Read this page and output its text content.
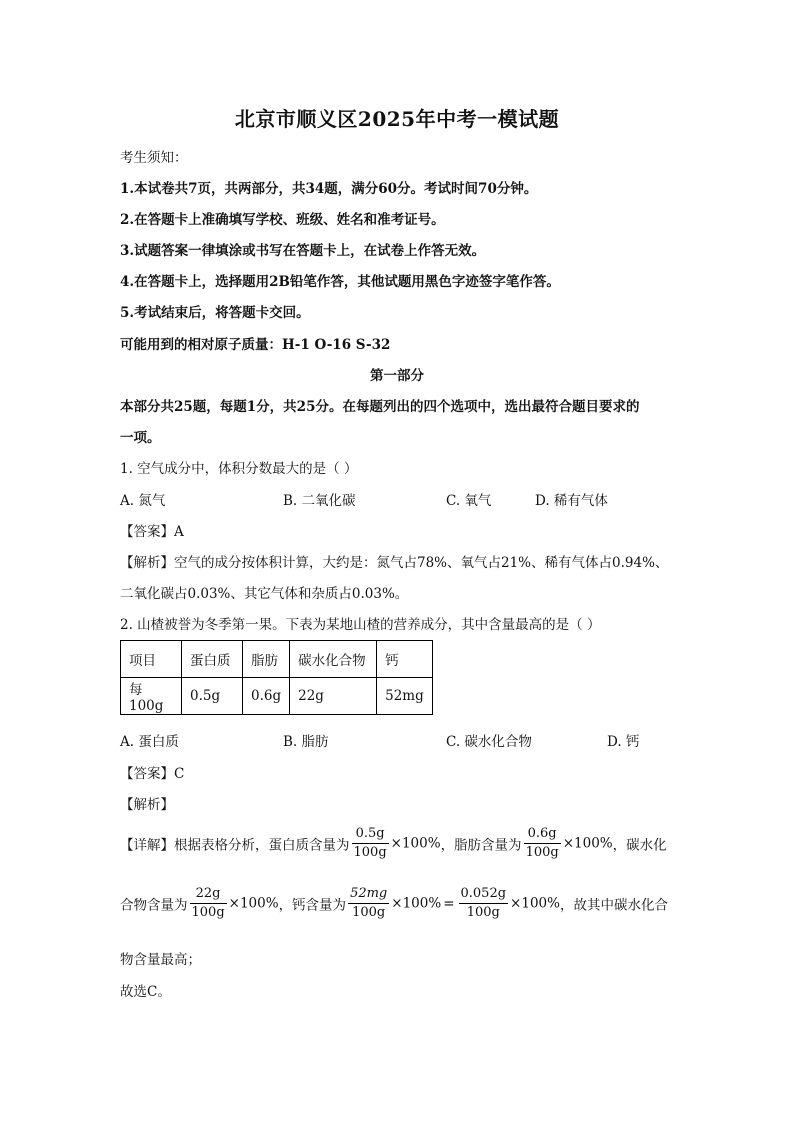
北京市顺义区2025年中考一模试题
考生须知：
1.本试卷共7页，共两部分，共34题，满分60分。考试时间70分钟。
2.在答题卡上准确填写学校、班级、姓名和准考证号。
3.试题答案一律填涂或书写在答题卡上，在试卷上作答无效。
4.在答题卡上，选择题用2B铅笔作答，其他试题用黑色字迹签字笔作答。
5.考试结束后，将答题卡交回。
可能用到的相对原子质量：H-1 O-16 S-32
第一部分
本部分共25题，每题1分，共25分。在每题列出的四个选项中，选出最符合题目要求的
一项。
1. 空气成分中，体积分数最大的是（ ）
A. 氮气	B. 二氧化碳	C. 氧气	D. 稀有气体
【答案】A
【解析】空气的成分按体积计算，大约是：氮气占78%、氧气占21%、稀有气体占0.94%、
二氧化碳占0.03%、其它气体和杂质占0.03%。
2. 山楂被誉为冬季第一果。下表为某地山楂的营养成分，其中含量最高的是（ ）
项目	蛋白质	脂肪	碳水化合物	钙
每100g	0.5g	0.6g	22g	52mg
A. 蛋白质	B. 脂肪	C. 碳水化合物	D. 钙
【答案】C
【解析】
【详解】根据表格分析，蛋白质含量为 $\frac{0.5g}{100g} \times 100\%$，脂肪含量为 $\frac{0.6g}{100g} \times 100\%$，碳水化
合物含量为 $\frac{22g}{100g} \times 100\%$，钙含量为 $\frac{52mg}{100g} \times 100\% = \frac{0.052g}{100g} \times 100\%$，故其中碳水化合
物含量最高；
故选C。
